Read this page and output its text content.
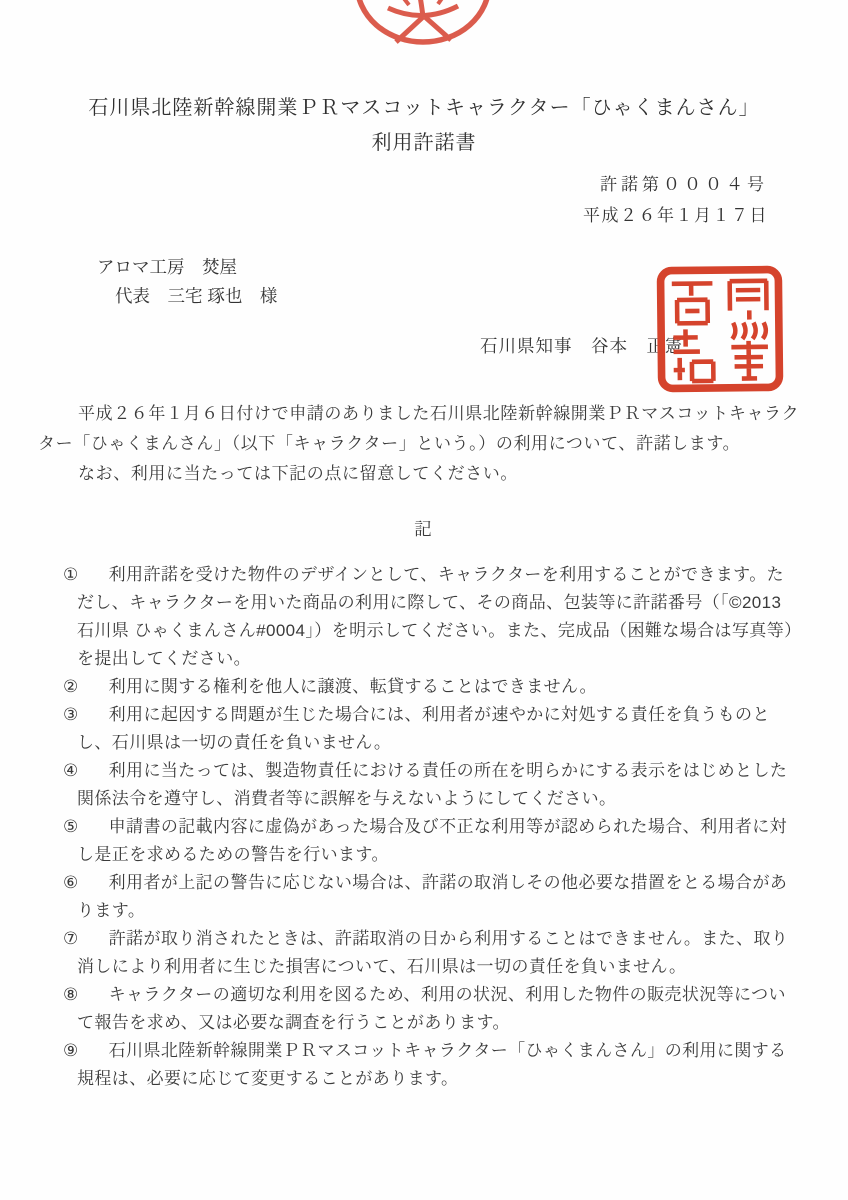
石川県北陸新幹線開業ＰＲマスコットキャラクター「ひゃくまんさん」
利用許諾書
許諾第０００４号
平成２６年１月１７日
アロマ工房　焚屋
代表　三宅 琢也　様
石川県知事　谷本　正憲

平成２６年１月６日付けで申請のありました石川県北陸新幹線開業ＰＲマスコットキャラクター「ひゃくまんさん」（以下「キャラクター」という。）の利用について、許諾します。

なお、利用に当たっては下記の点に留意してください。

記
① 利用許諾を受けた物件のデザインとして、キャラクターを利用することができます。ただし、キャラクターを用いた商品の利用に際して、その商品、包装等に許諾番号（「©2013 石川県 ひゃくまんさん#0004」）を明示してください。また、完成品（困難な場合は写真等）を提出してください。
② 利用に関する権利を他人に譲渡、転貸することはできません。
③ 利用に起因する問題が生じた場合には、利用者が速やかに対処する責任を負うものとし、石川県は一切の責任を負いません。
④ 利用に当たっては、製造物責任における責任の所在を明らかにする表示をはじめとした関係法令を遵守し、消費者等に誤解を与えないようにしてください。
⑤ 申請書の記載内容に虚偽があった場合及び不正な利用等が認められた場合、利用者に対し是正を求めるための警告を行います。
⑥ 利用者が上記の警告に応じない場合は、許諾の取消しその他必要な措置をとる場合があります。
⑦ 許諾が取り消されたときは、許諾取消の日から利用することはできません。また、取り消しにより利用者に生じた損害について、石川県は一切の責任を負いません。
⑧ キャラクターの適切な利用を図るため、利用の状況、利用した物件の販売状況等について報告を求め、又は必要な調査を行うことがあります。
⑨ 石川県北陸新幹線開業ＰＲマスコットキャラクター「ひゃくまんさん」の利用に関する規程は、必要に応じて変更することがあります。
